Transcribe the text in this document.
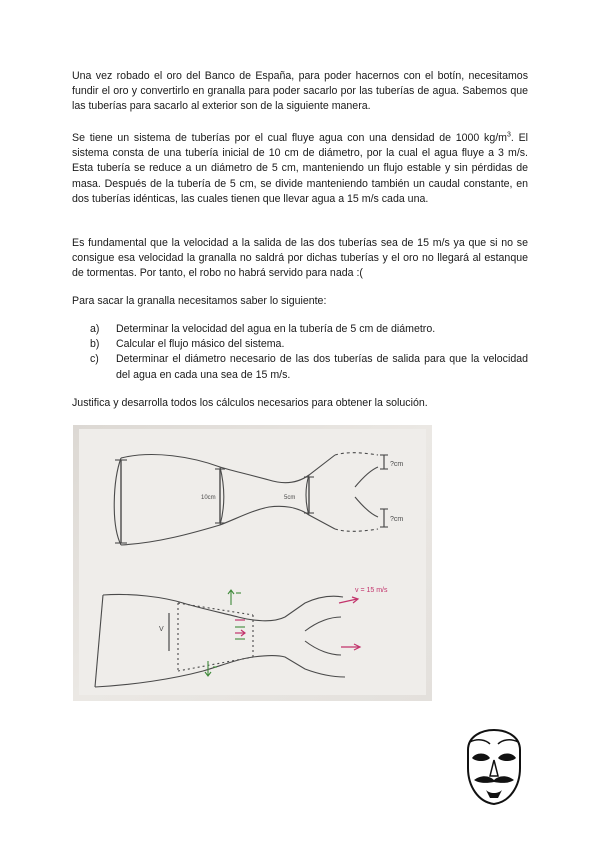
Una vez robado el oro del Banco de España, para poder hacernos con el botín, necesitamos fundir el oro y convertirlo en granalla para poder sacarlo por las tuberías de agua. Sabemos que las tuberías para sacarlo al exterior son de la siguiente manera.

Se tiene un sistema de tuberías por el cual fluye agua con una densidad de 1000 $kg/m^3$. El sistema consta de una tubería inicial de 10 cm de diámetro, por la cual el agua fluye a 3 m/s. Esta tubería se reduce a un diámetro de 5 cm, manteniendo un flujo estable y sin pérdidas de masa. Después de la tubería de 5 cm, se divide manteniendo también un caudal constante, en dos tuberías idénticas, las cuales tienen que llevar agua a 15 m/s cada una.

Es fundamental que la velocidad a la salida de las dos tuberías sea de 15 m/s ya que si no se consigue esa velocidad la granalla no saldrá por dichas tuberías y el oro no llegará al estanque de tormentas. Por tanto, el robo no habrá servido para nada :(

Para sacar la granalla necesitamos saber lo siguiente:

a) Determinar la velocidad del agua en la tubería de 5 cm de diámetro.
b) Calcular el flujo másico del sistema.
c) Determinar el diámetro necesario de las dos tuberías de salida para que la velocidad del agua en cada una sea de 15 m/s.

Justifica y desarrolla todos los cálculos necesarios para obtener la solución.

10cm	5cm
?cm
?cm
V
v = 15 m/s
